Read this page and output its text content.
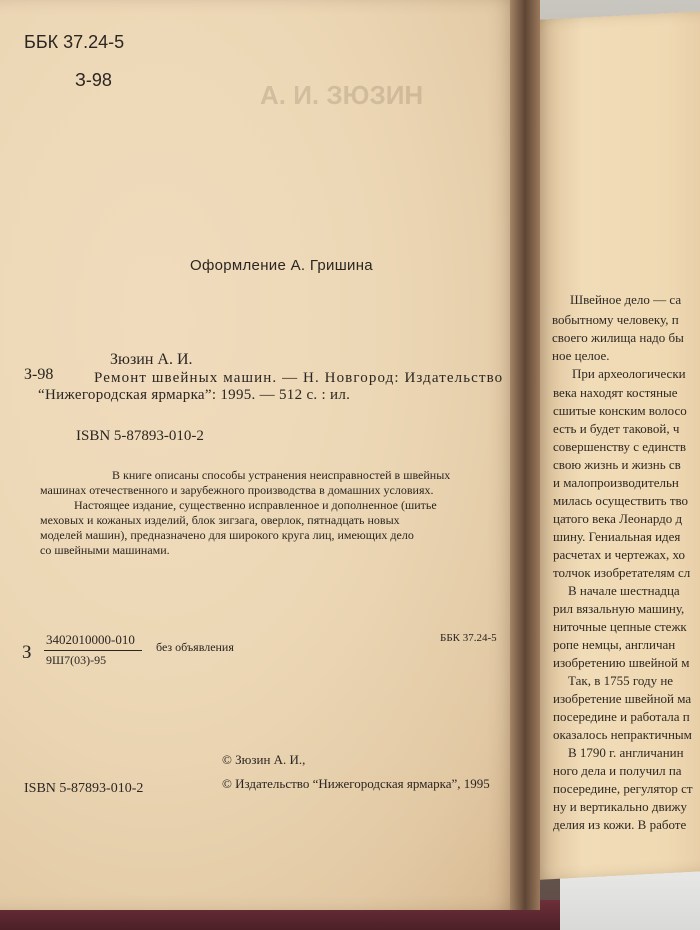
А. И. ЗЮЗИН
ББК 37.24-5
З-98
Оформление А. Гришина
Зюзин А. И.
З-98	Ремонт швейных машин. — Н. Новгород: Издательство
“Нижегородская ярмарка”: 1995. — 512 с. : ил.
ISBN 5-87893-010-2
В книге описаны способы устранения неисправностей в швейных
машинах отечественного и зарубежного производства в домашних условиях.
Настоящее издание, существенно исправленное и дополненное (шитье
меховых и кожаных изделий, блок зигзага, оверлок, пятнадцать новых
моделей машин), предназначено для широкого круга лиц, имеющих дело
со швейными машинами.
З
3402010000-010
9Ш7(03)-95
без объявления
ББК 37.24-5
© Зюзин А. И.,
© Издательство “Нижегородская ярмарка”, 1995
ISBN 5-87893-010-2
Швейное дело — са
вобытному человеку, п
своего жилища надо бы
ное целое.
При археологически
века находят костяные
сшитые конским волосо
есть и будет таковой, ч
совершенству с единств
свою жизнь и жизнь св
и малопроизводительн
милась осуществить тво
цатого века Леонардо д
шину. Гениальная идея
расчетах и чертежах, хо
толчок изобретателям сл
В начале шестнадца
рил вязальную машину,
ниточные цепные стежк
ропе немцы, англичан
изобретению швейной м
Так, в 1755 году не
изобретение швейной ма
посередине и работала п
оказалось непрактичным
В 1790 г. англичанин
ного дела и получил па
посередине, регулятор ст
ну и вертикально движу
делия из кожи. В работе
